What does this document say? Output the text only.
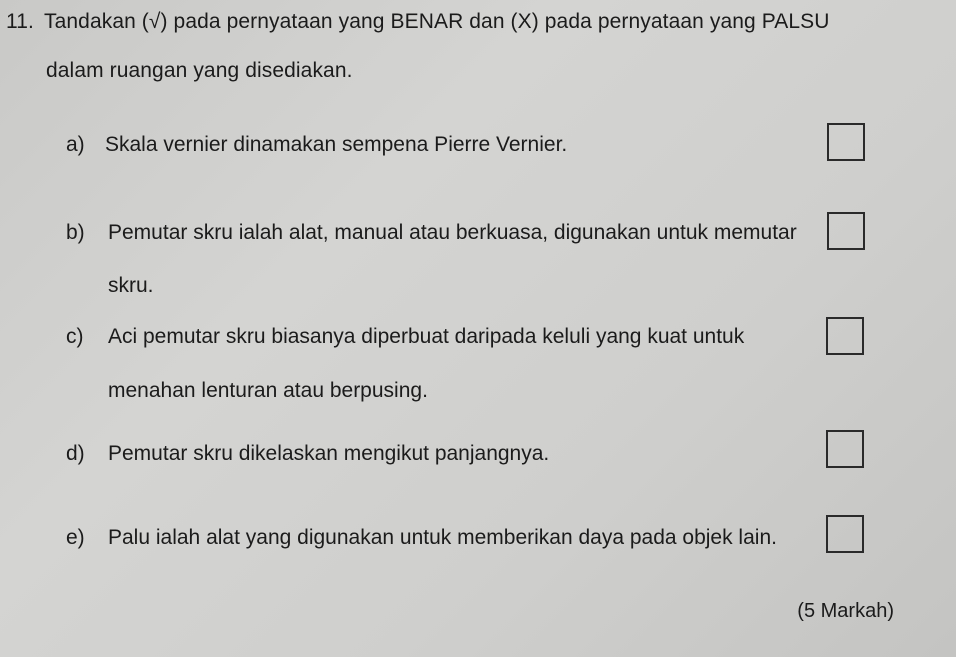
11. Tandakan (√) pada pernyataan yang BENAR dan (X) pada pernyataan yang PALSU
dalam ruangan yang disediakan.
a) Skala vernier dinamakan sempena Pierre Vernier.
b) Pemutar skru ialah alat, manual atau berkuasa, digunakan untuk memutar
skru.
c) Aci pemutar skru biasanya diperbuat daripada keluli yang kuat untuk
menahan lenturan atau berpusing.
d) Pemutar skru dikelaskan mengikut panjangnya.
e) Palu ialah alat yang digunakan untuk memberikan daya pada objek lain.
(5 Markah)
